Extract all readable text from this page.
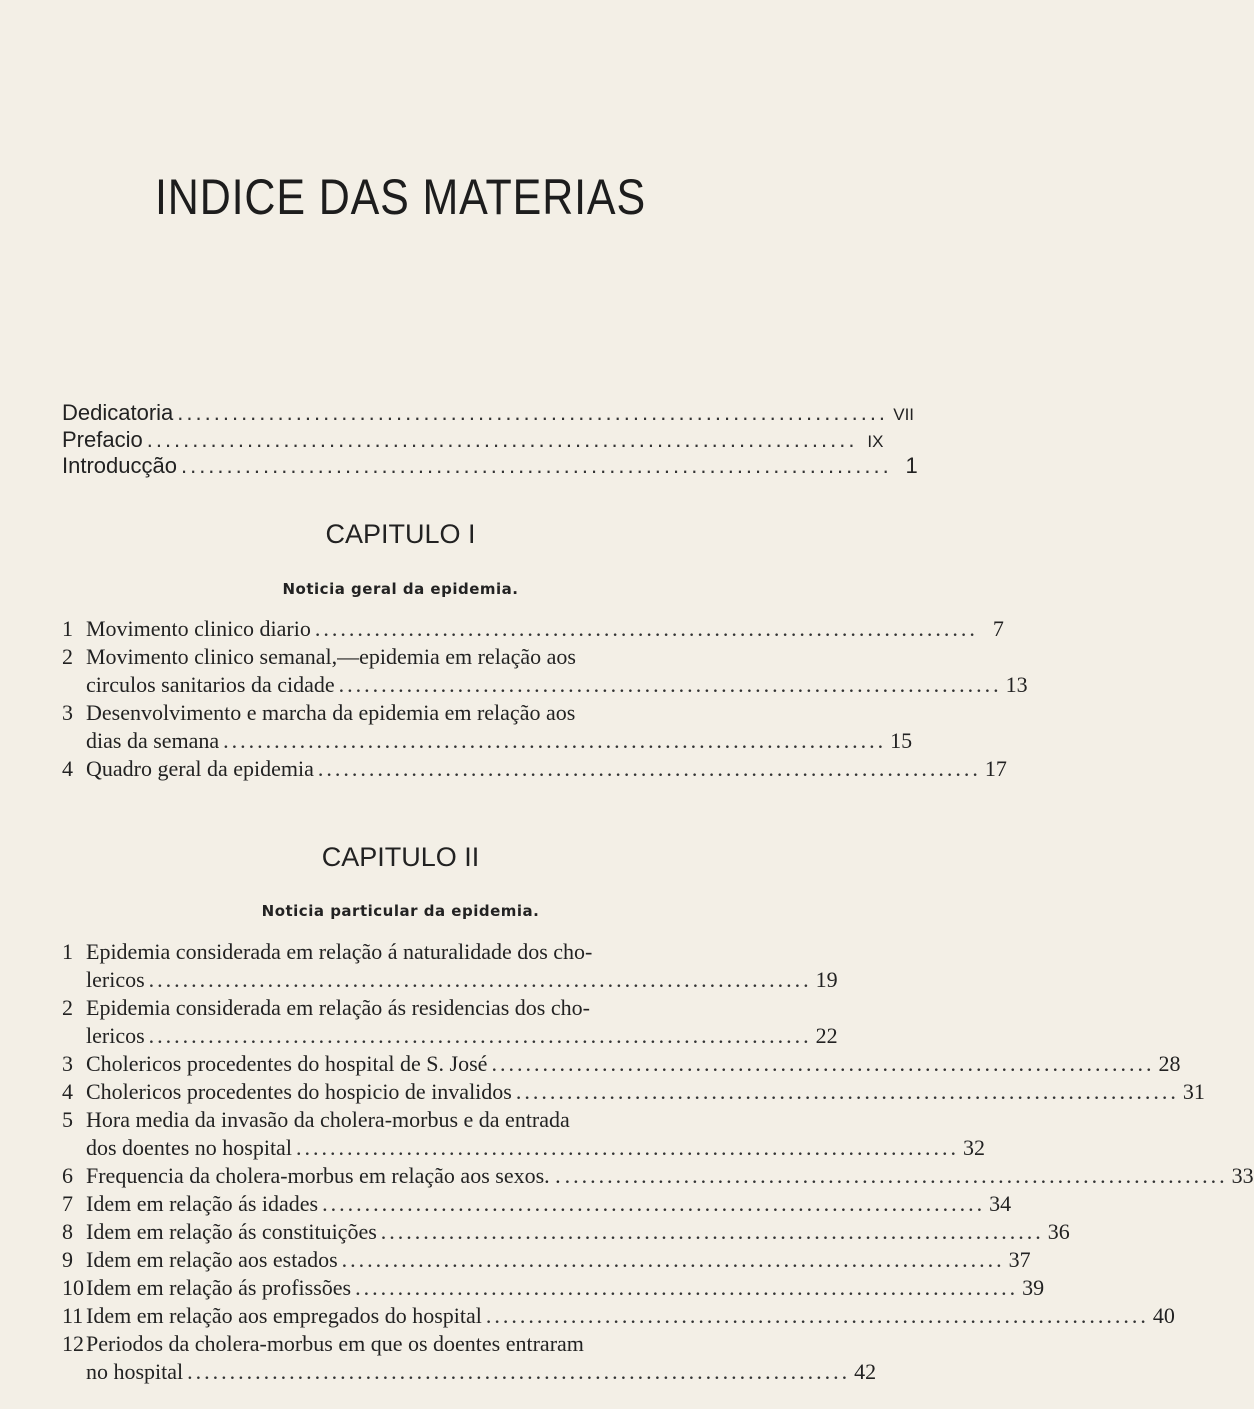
INDICE DAS MATERIAS
Dedicatoria .............................................................................. VII
Prefacio .............................................................................. IX
Introducção .............................................................................. 1
CAPITULO I
Noticia geral da epidemia.
1 Movimento clinico diario .............................................................................. 7
2 Movimento clinico semanal,—epidemia em relação aos
circulos sanitarios da cidade .............................................................................. 13
3 Desenvolvimento e marcha da epidemia em relação aos
dias da semana .............................................................................. 15
4 Quadro geral da epidemia .............................................................................. 17
CAPITULO II
Noticia particular da epidemia.
1 Epidemia considerada em relação á naturalidade dos cho-
lericos .............................................................................. 19
2 Epidemia considerada em relação ás residencias dos cho-
lericos .............................................................................. 22
3 Cholericos procedentes do hospital de S. José .............................................................................. 28
4 Cholericos procedentes do hospicio de invalidos .............................................................................. 31
5 Hora media da invasão da cholera-morbus e da entrada
dos doentes no hospital .............................................................................. 32
6 Frequencia da cholera-morbus em relação aos sexos. . .............................................................................. 33
7 Idem em relação ás idades .............................................................................. 34
8 Idem em relação ás constituições .............................................................................. 36
9 Idem em relação aos estados .............................................................................. 37
10 Idem em relação ás profissões .............................................................................. 39
11 Idem em relação aos empregados do hospital .............................................................................. 40
12 Periodos da cholera-morbus em que os doentes entraram
no hospital .............................................................................. 42
